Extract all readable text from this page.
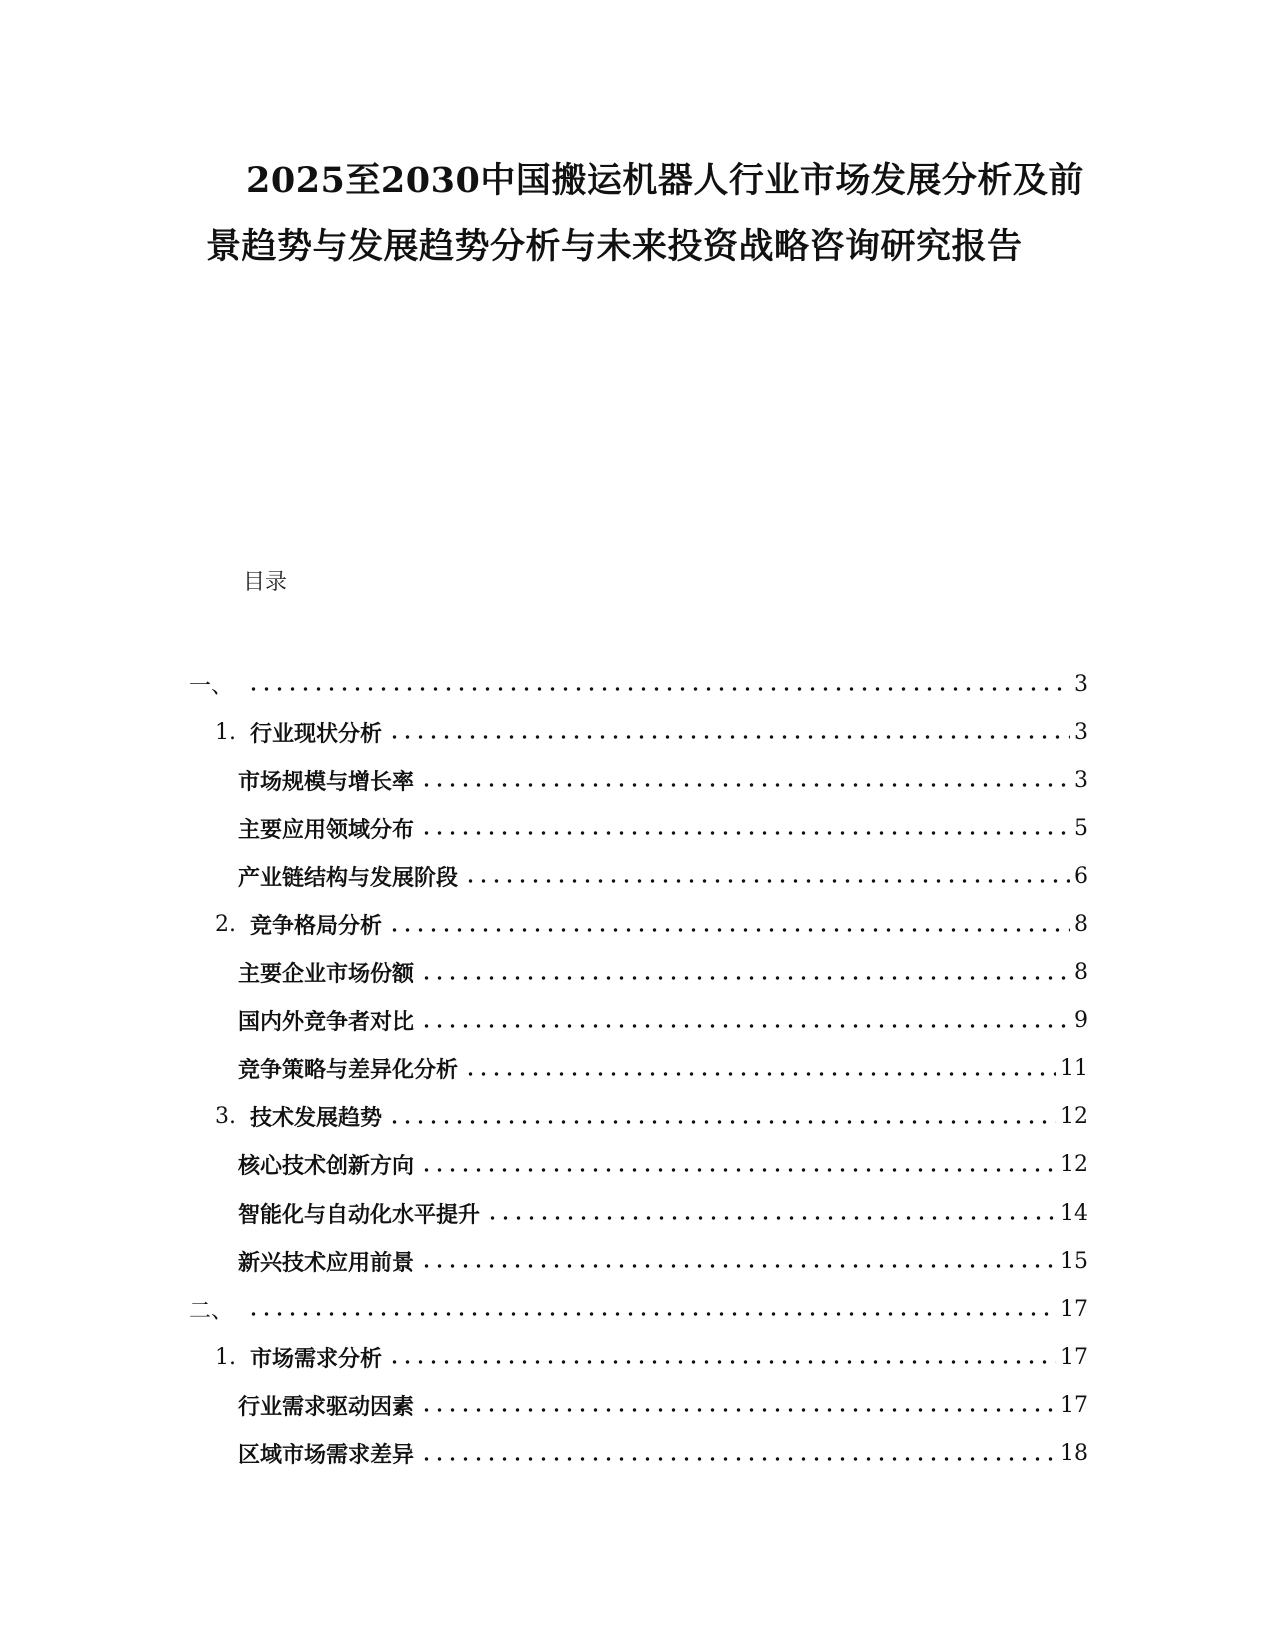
2025至2030中国搬运机器人行业市场发展分析及前
景趋势与发展趋势分析与未来投资战略咨询研究报告
目录
一、	3
1. 行业现状分析	3
市场规模与增长率	3
主要应用领域分布	5
产业链结构与发展阶段	6
2. 竞争格局分析	8
主要企业市场份额	8
国内外竞争者对比	9
竞争策略与差异化分析	11
3. 技术发展趋势	12
核心技术创新方向	12
智能化与自动化水平提升	14
新兴技术应用前景	15
二、	17
1. 市场需求分析	17
行业需求驱动因素	17
区域市场需求差异	18
